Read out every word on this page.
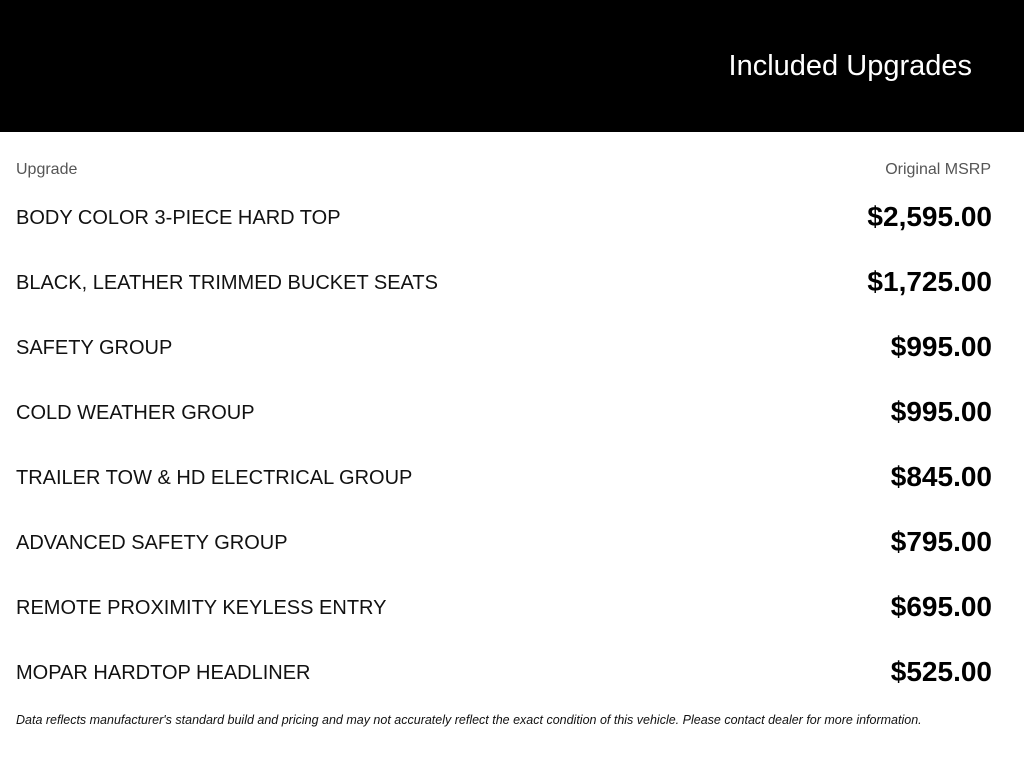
Included Upgrades
Upgrade	Original MSRP
BODY COLOR 3-PIECE HARD TOP	$2,595.00
BLACK, LEATHER TRIMMED BUCKET SEATS	$1,725.00
SAFETY GROUP	$995.00
COLD WEATHER GROUP	$995.00
TRAILER TOW & HD ELECTRICAL GROUP	$845.00
ADVANCED SAFETY GROUP	$795.00
REMOTE PROXIMITY KEYLESS ENTRY	$695.00
MOPAR HARDTOP HEADLINER	$525.00
Data reflects manufacturer's standard build and pricing and may not accurately reflect the exact condition of this vehicle. Please contact dealer for more information.
